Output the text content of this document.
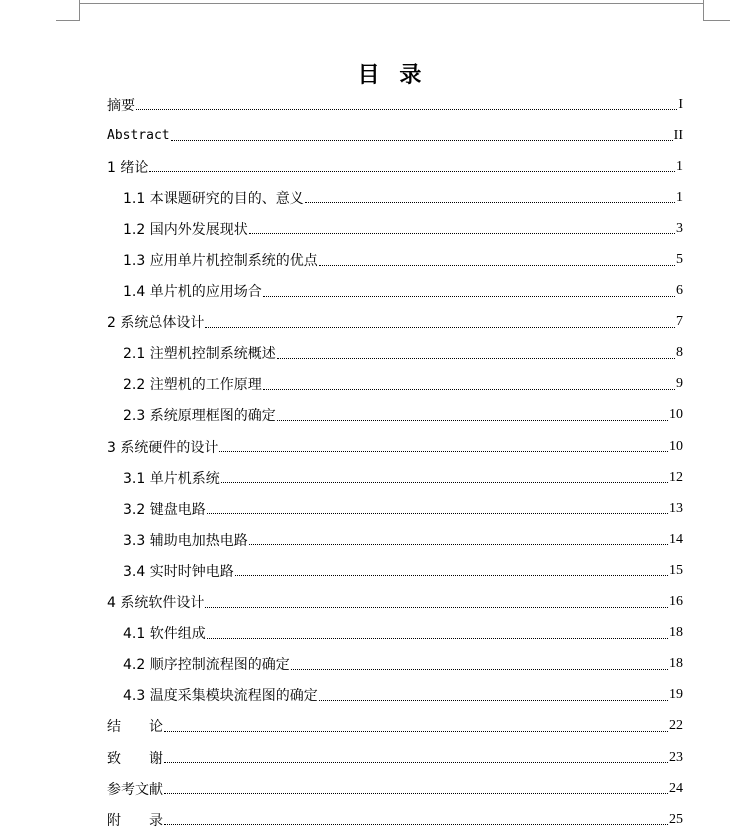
目 录
摘要	I
Abstract	II
1 绪论	1
1.1 本课题研究的目的、意义	1
1.2 国内外发展现状	3
1.3 应用单片机控制系统的优点	5
1.4 单片机的应用场合	6
2 系统总体设计	7
2.1 注塑机控制系统概述	8
2.2 注塑机的工作原理	9
2.3 系统原理框图的确定	10
3 系统硬件的设计	10
3.1 单片机系统	12
3.2 键盘电路	13
3.3 辅助电加热电路	14
3.4 实时时钟电路	15
4 系统软件设计	16
4.1 软件组成	18
4.2 顺序控制流程图的确定	18
4.3 温度采集模块流程图的确定	19
结　　论	22
致　　谢	23
参考文献	24
附　　录	25
